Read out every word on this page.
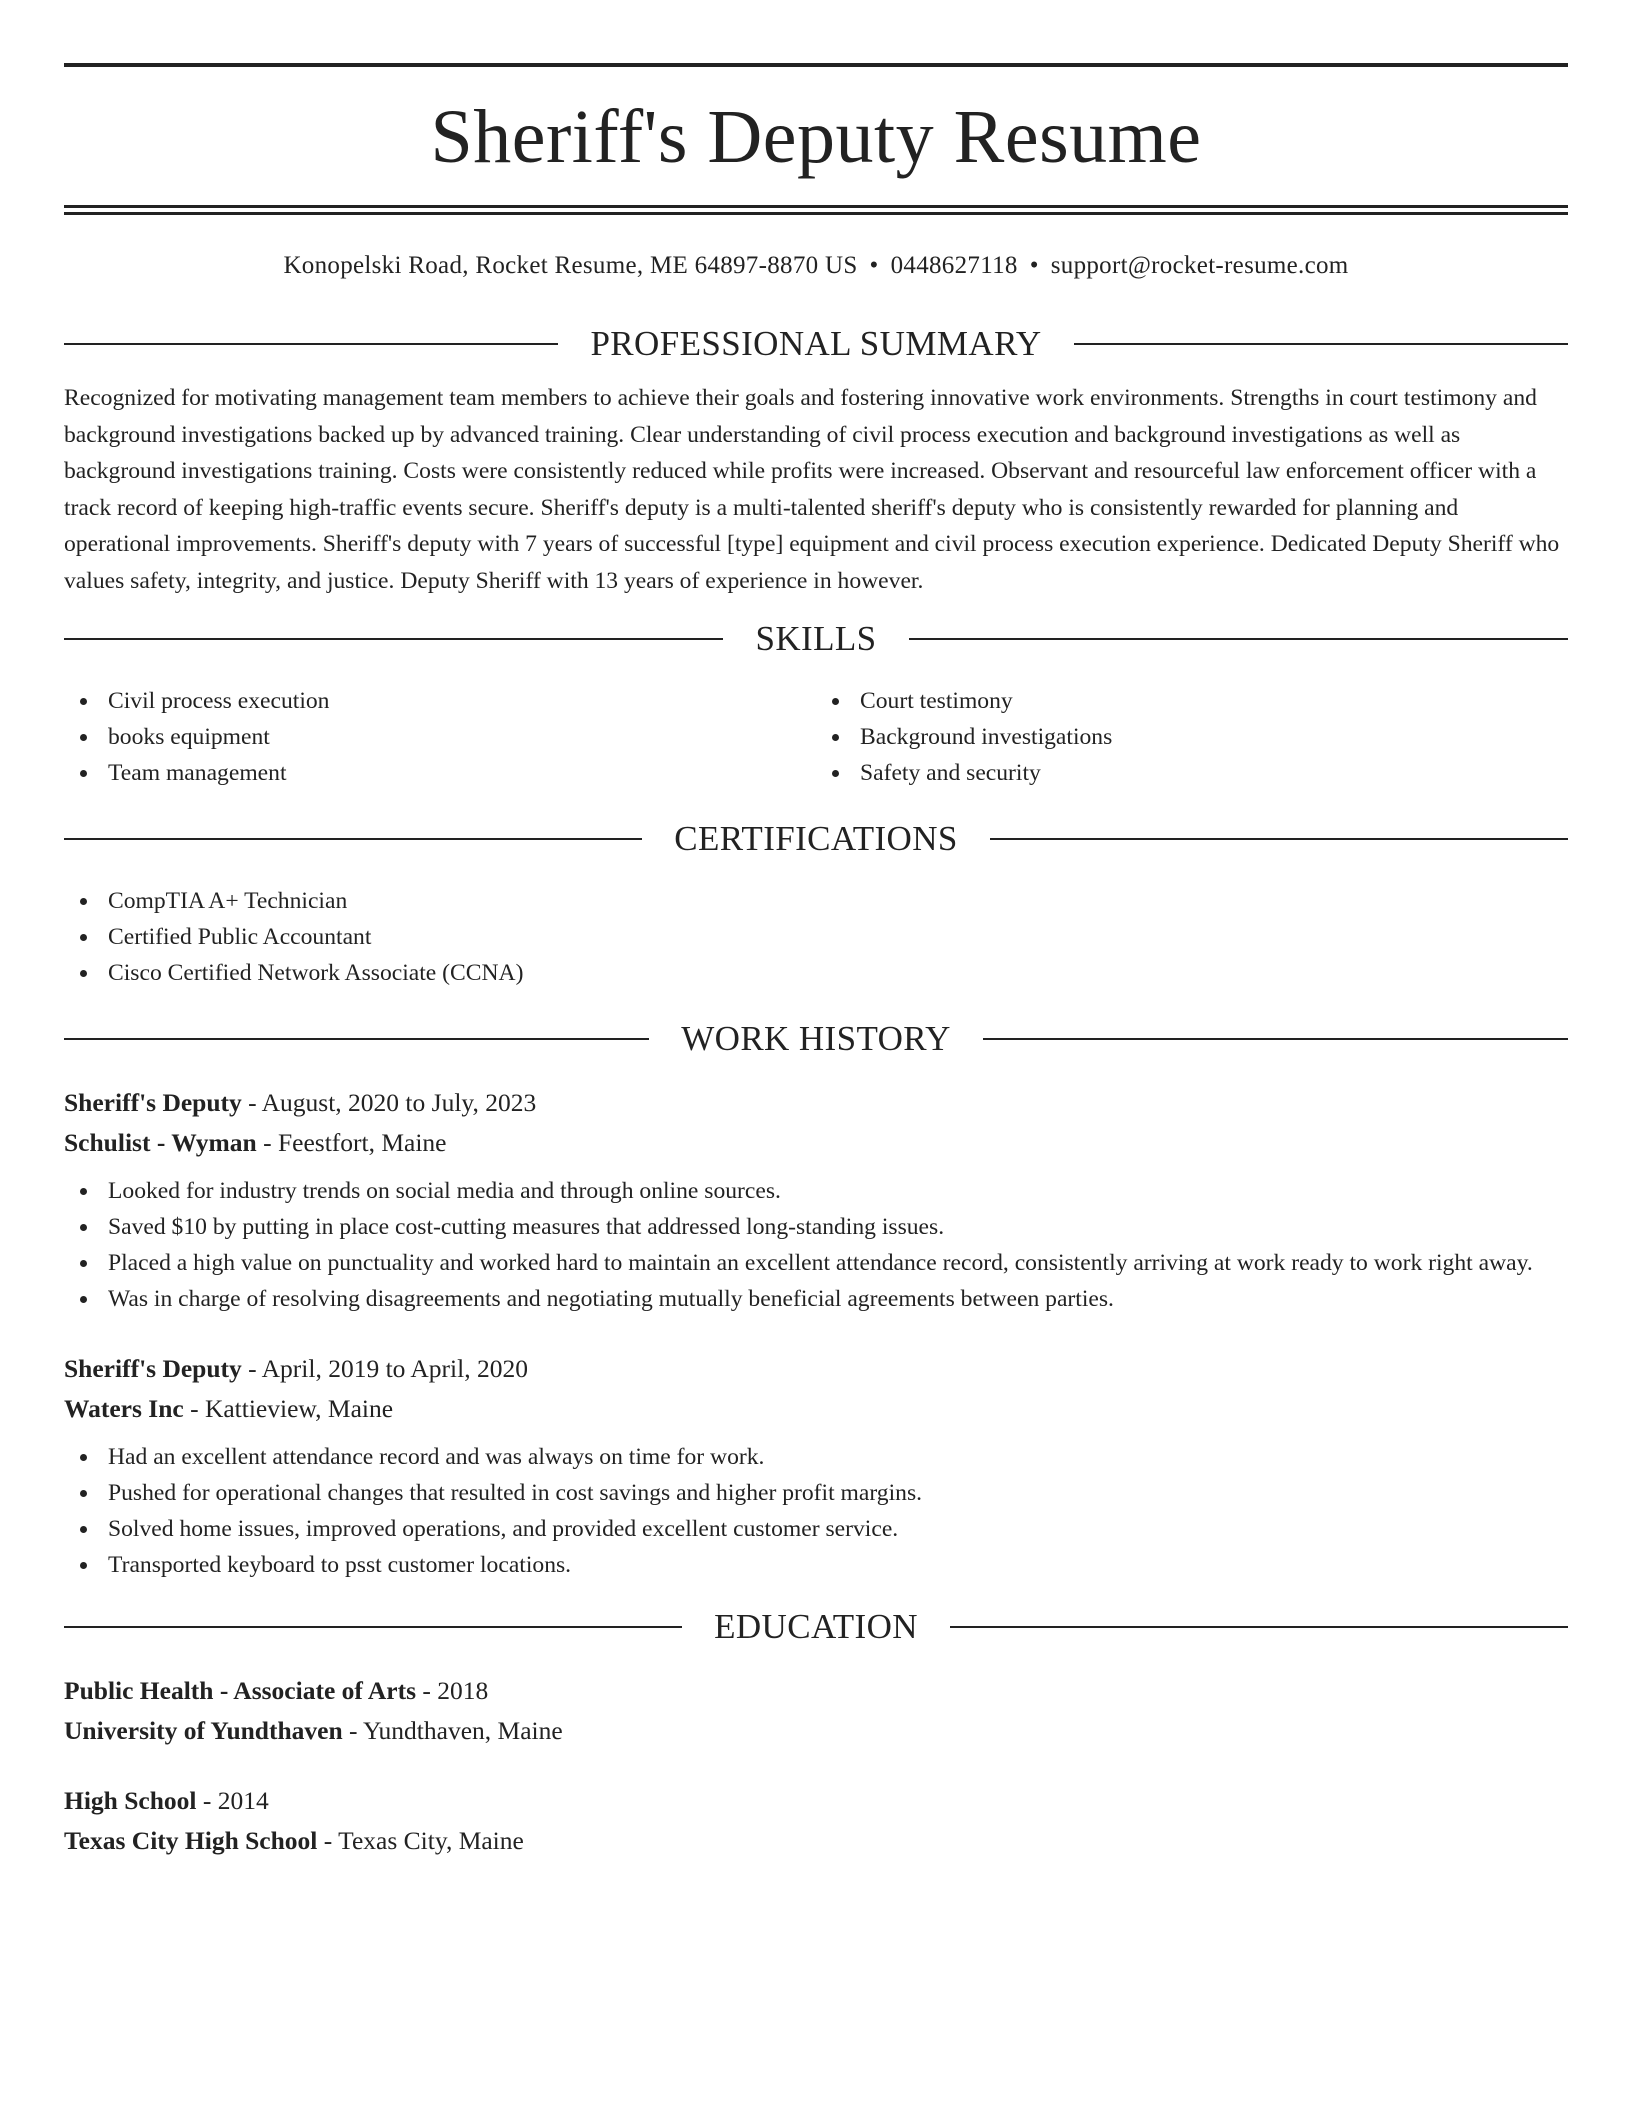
Sheriff's Deputy Resume
Konopelski Road, Rocket Resume, ME 64897-8870 US • 0448627118 • support@rocket-resume.com
PROFESSIONAL SUMMARY

Recognized for motivating management team members to achieve their goals and fostering innovative work environments. Strengths in court testimony and background investigations backed up by advanced training. Clear understanding of civil process execution and background investigations as well as background investigations training. Costs were consistently reduced while profits were increased. Observant and resourceful law enforcement officer with a track record of keeping high-traffic events secure. Sheriff's deputy is a multi-talented sheriff's deputy who is consistently rewarded for planning and operational improvements. Sheriff's deputy with 7 years of successful [type] equipment and civil process execution experience. Dedicated Deputy Sheriff who values safety, integrity, and justice. Deputy Sheriff with 13 years of experience in however.

SKILLS
Civil process execution
books equipment
Team management
Court testimony
Background investigations
Safety and security
CERTIFICATIONS
CompTIA A+ Technician
Certified Public Accountant
Cisco Certified Network Associate (CCNA)
WORK HISTORY
Sheriff's Deputy - August, 2020 to July, 2023
Schulist - Wyman - Feestfort, Maine
Looked for industry trends on social media and through online sources.
Saved $10 by putting in place cost-cutting measures that addressed long-standing issues.
Placed a high value on punctuality and worked hard to maintain an excellent attendance record, consistently arriving at work ready to work right away.
Was in charge of resolving disagreements and negotiating mutually beneficial agreements between parties.
Sheriff's Deputy - April, 2019 to April, 2020
Waters Inc - Kattieview, Maine
Had an excellent attendance record and was always on time for work.
Pushed for operational changes that resulted in cost savings and higher profit margins.
Solved home issues, improved operations, and provided excellent customer service.
Transported keyboard to psst customer locations.
EDUCATION
Public Health - Associate of Arts - 2018
University of Yundthaven - Yundthaven, Maine
High School - 2014
Texas City High School - Texas City, Maine
